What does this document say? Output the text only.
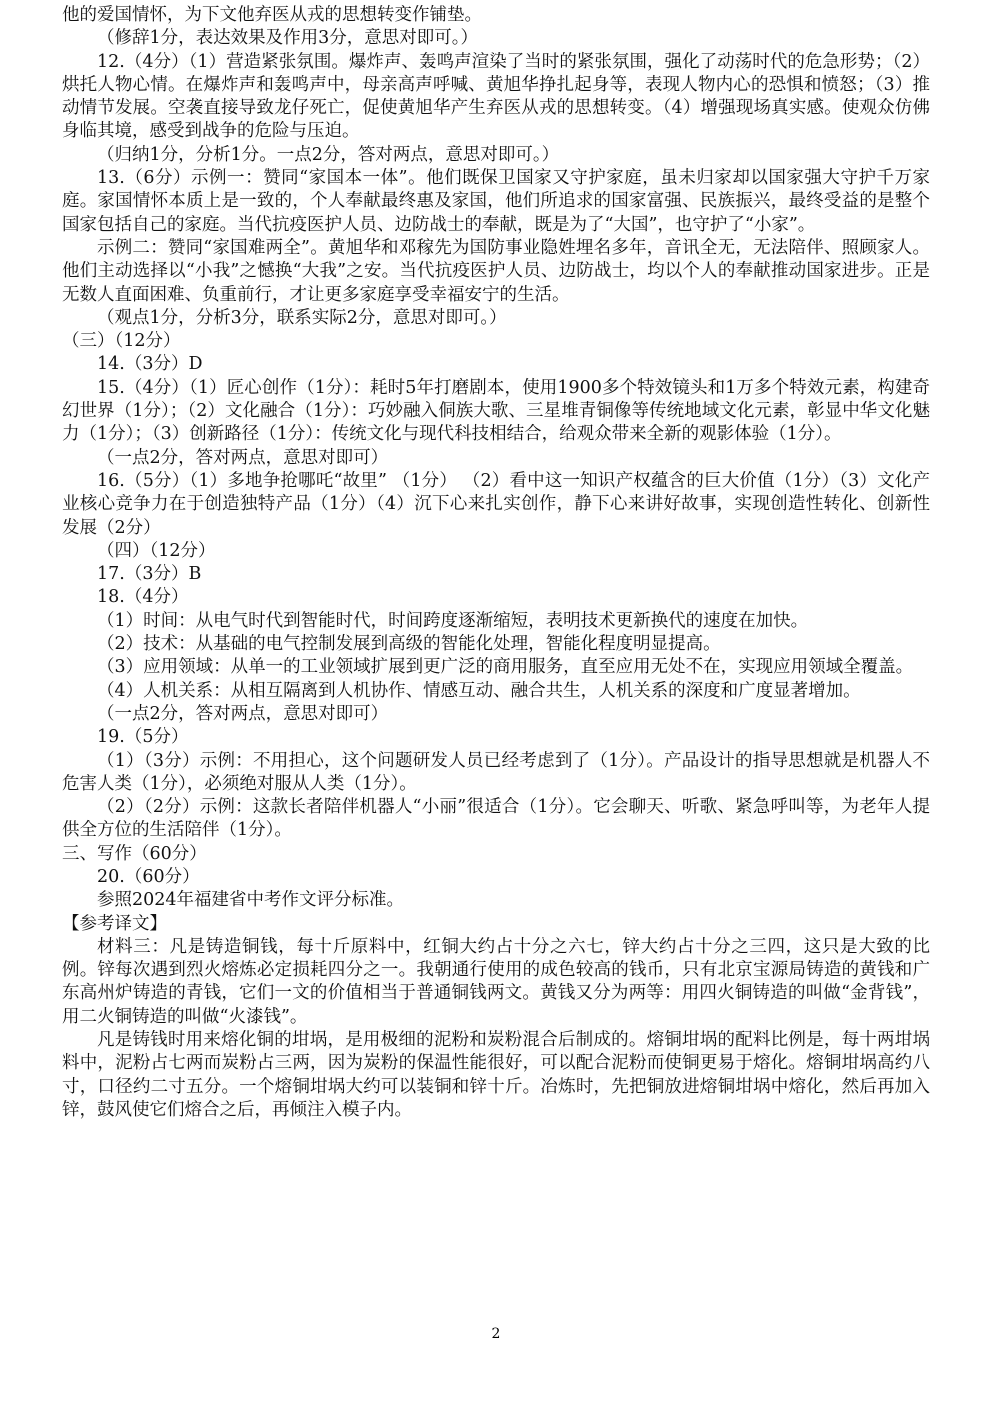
他的爱国情怀，为下文他弃医从戎的思想转变作铺垫。
（修辞1分，表达效果及作用3分，意思对即可。）
12.（4分）（1）营造紧张氛围。爆炸声、轰鸣声渲染了当时的紧张氛围，强化了动荡时代的危急形势；（2）烘托人物心情。在爆炸声和轰鸣声中，母亲高声呼喊、黄旭华挣扎起身等，表现人物内心的恐惧和愤怒；（3）推动情节发展。空袭直接导致龙仔死亡，促使黄旭华产生弃医从戎的思想转变。（4）增强现场真实感。使观众仿佛身临其境，感受到战争的危险与压迫。
（归纳1分，分析1分。一点2分，答对两点，意思对即可。）
13.（6分）示例一：赞同“家国本一体”。他们既保卫国家又守护家庭，虽未归家却以国家强大守护千万家庭。家国情怀本质上是一致的，个人奉献最终惠及家国，他们所追求的国家富强、民族振兴，最终受益的是整个国家包括自己的家庭。当代抗疫医护人员、边防战士的奉献，既是为了“大国”，也守护了“小家”。
示例二：赞同“家国难两全”。黄旭华和邓稼先为国防事业隐姓埋名多年，音讯全无，无法陪伴、照顾家人。他们主动选择以“小我”之憾换“大我”之安。当代抗疫医护人员、边防战士，均以个人的奉献推动国家进步。正是无数人直面困难、负重前行，才让更多家庭享受幸福安宁的生活。
（观点1分，分析3分，联系实际2分，意思对即可。）
（三）（12分）
14.（3分）D
15.（4分）（1）匠心创作（1分）：耗时5年打磨剧本，使用1900多个特效镜头和1万多个特效元素，构建奇幻世界（1分）；（2）文化融合（1分）：巧妙融入侗族大歌、三星堆青铜像等传统地域文化元素，彰显中华文化魅力（1分）；（3）创新路径（1分）：传统文化与现代科技相结合，给观众带来全新的观影体验（1分）。
（一点2分，答对两点，意思对即可）
16.（5分）（1）多地争抢哪吒“故里” （1分） （2）看中这一知识产权蕴含的巨大价值（1分）（3）文化产业核心竞争力在于创造独特产品（1分）（4）沉下心来扎实创作，静下心来讲好故事，实现创造性转化、创新性发展（2分）
（四）（12分）
17.（3分）B
18.（4分）
（1）时间：从电气时代到智能时代，时间跨度逐渐缩短，表明技术更新换代的速度在加快。
（2）技术：从基础的电气控制发展到高级的智能化处理，智能化程度明显提高。
（3）应用领域：从单一的工业领域扩展到更广泛的商用服务，直至应用无处不在，实现应用领域全覆盖。
（4）人机关系：从相互隔离到人机协作、情感互动、融合共生，人机关系的深度和广度显著增加。
（一点2分，答对两点，意思对即可）
19.（5分）
（1）（3分）示例：不用担心，这个问题研发人员已经考虑到了（1分）。产品设计的指导思想就是机器人不危害人类（1分），必须绝对服从人类（1分）。
（2）（2分）示例：这款长者陪伴机器人“小丽”很适合（1分）。它会聊天、听歌、紧急呼叫等，为老年人提供全方位的生活陪伴（1分）。
三、写作（60分）
20.（60分）
参照2024年福建省中考作文评分标准。
【参考译文】
材料三：凡是铸造铜钱，每十斤原料中，红铜大约占十分之六七，锌大约占十分之三四，这只是大致的比例。锌每次遇到烈火熔炼必定损耗四分之一。我朝通行使用的成色较高的钱币，只有北京宝源局铸造的黄钱和广东高州炉铸造的青钱，它们一文的价值相当于普通铜钱两文。黄钱又分为两等：用四火铜铸造的叫做“金背钱”，用二火铜铸造的叫做“火漆钱”。
凡是铸钱时用来熔化铜的坩埚，是用极细的泥粉和炭粉混合后制成的。熔铜坩埚的配料比例是，每十两坩埚料中，泥粉占七两而炭粉占三两，因为炭粉的保温性能很好，可以配合泥粉而使铜更易于熔化。熔铜坩埚高约八寸，口径约二寸五分。一个熔铜坩埚大约可以装铜和锌十斤。冶炼时，先把铜放进熔铜坩埚中熔化，然后再加入锌，鼓风使它们熔合之后，再倾注入模子内。
2
